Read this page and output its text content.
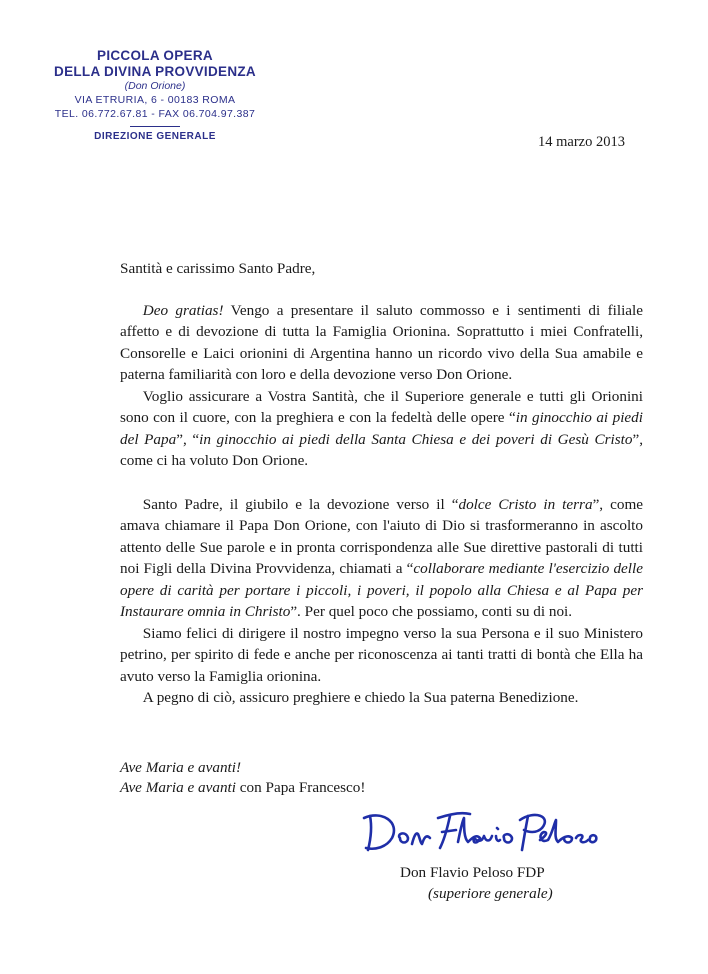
PICCOLA OPERA
DELLA DIVINA PROVVIDENZA
(Don Orione)
VIA ETRURIA, 6 - 00183 ROMA
TEL. 06.772.67.81 - FAX 06.704.97.387
DIREZIONE GENERALE	14 marzo 2013

Santità e carissimo Santo Padre,

  Deo gratias! Vengo a presentare il saluto commosso e i sentimenti di filiale affetto e di devozione di tutta la Famiglia Orionina. Soprattutto i miei Confratelli, Consorelle e Laici orionini di Argentina hanno un ricordo vivo della Sua amabile e paterna familiarità con loro e della devozione verso Don Orione.

  Voglio assicurare a Vostra Santità, che il Superiore generale e tutti gli Orionini sono con il cuore, con la preghiera e con la fedeltà delle opere “in ginocchio ai piedi del Papa”, “in ginocchio ai piedi della Santa Chiesa e dei poveri di Gesù Cristo”, come ci ha voluto Don Orione.

  Santo Padre, il giubilo e la devozione verso il “dolce Cristo in terra”, come amava chiamare il Papa Don Orione, con l'aiuto di Dio si trasformeranno in ascolto attento delle Sue parole e in pronta corrispondenza alle Sue direttive pastorali di tutti noi Figli della Divina Provvidenza, chiamati a “collaborare mediante l'esercizio delle opere di carità per portare i piccoli, i poveri, il popolo alla Chiesa e al Papa per Instaurare omnia in Christo”. Per quel poco che possiamo, conti su di noi.

  Siamo felici di dirigere il nostro impegno verso la sua Persona e il suo Ministero petrino, per spirito di fede e anche per riconoscenza ai tanti tratti di bontà che Ella ha avuto verso la Famiglia orionina.

  A pegno di ciò, assicuro preghiere e chiedo la Sua paterna Benedizione.

Ave Maria e avanti!
Ave Maria e avanti con Papa Francesco!
Don Flavio Peloso FDP
(superiore generale)
